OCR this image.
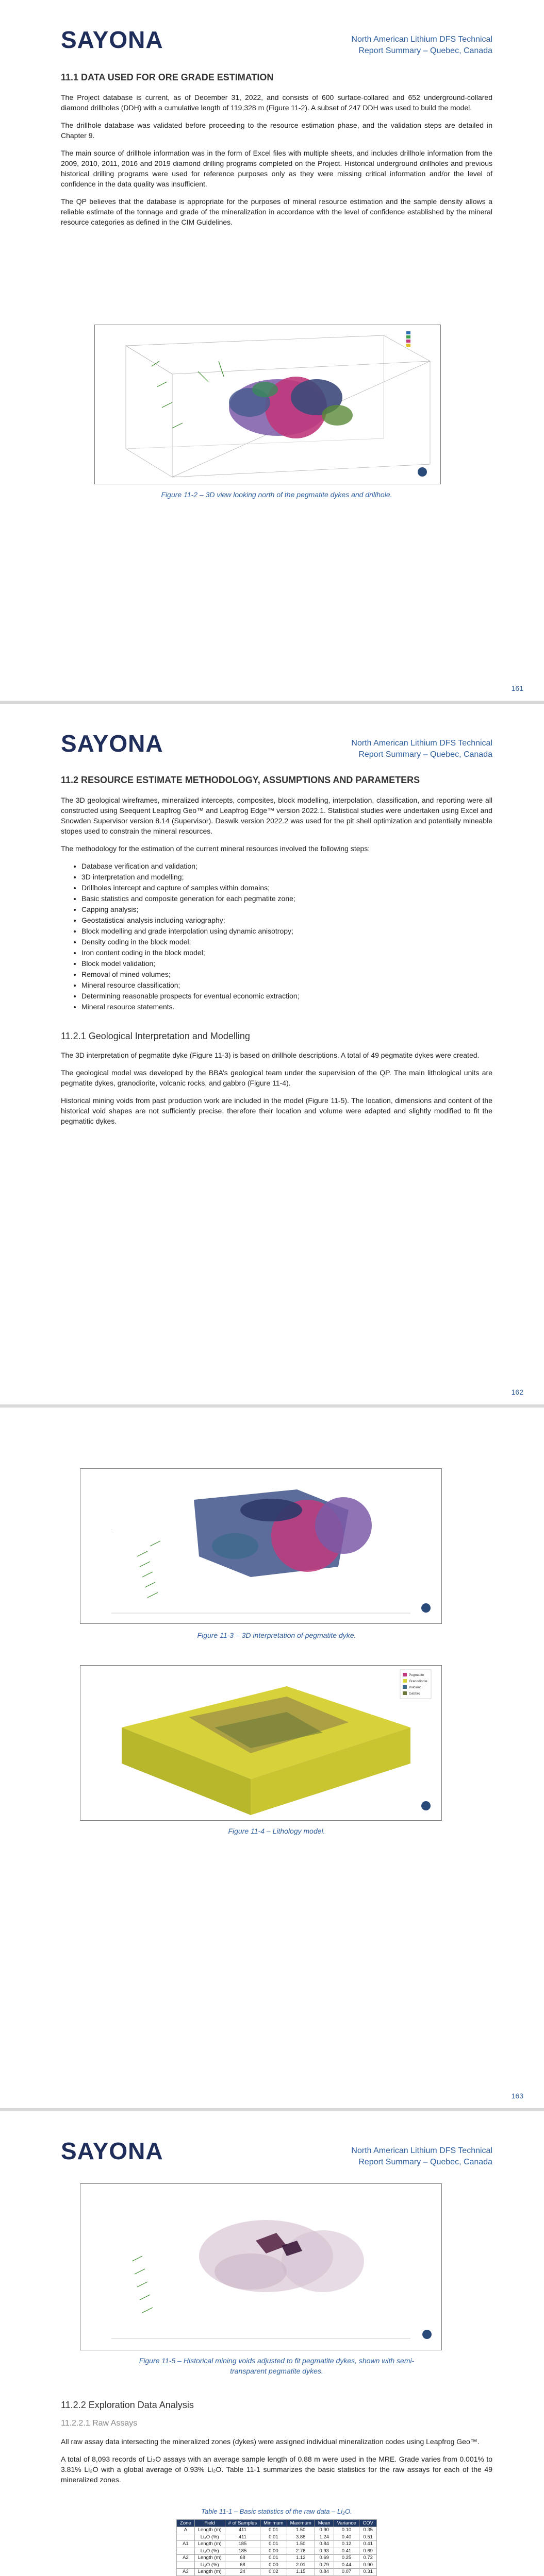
SAYONA	North American Lithium DFS Technical
Report Summary – Quebec, Canada
11.1 DATA USED FOR ORE GRADE ESTIMATION

The Project database is current, as of December 31, 2022, and consists of 600 surface-collared and 652 underground-collared diamond drillholes (DDH) with a cumulative length of 119,328 m (Figure 11-2). A subset of 247 DDH was used to build the model.

The drillhole database was validated before proceeding to the resource estimation phase, and the validation steps are detailed in Chapter 9.

The main source of drillhole information was in the form of Excel files with multiple sheets, and includes drillhole information from the 2009, 2010, 2011, 2016 and 2019 diamond drilling programs completed on the Project. Historical underground drillholes and previous historical drilling programs were used for reference purposes only as they were missing critical information and/or the level of confidence in the data quality was insufficient.

The QP believes that the database is appropriate for the purposes of mineral resource estimation and the sample density allows a reliable estimate of the tonnage and grade of the mineralization in accordance with the level of confidence established by the mineral resource categories as defined in the CIM Guidelines.

Figure 11-2 – 3D view looking north of the pegmatite dykes and drillhole.
161
SAYONA	North American Lithium DFS Technical
Report Summary – Quebec, Canada
11.2 RESOURCE ESTIMATE METHODOLOGY, ASSUMPTIONS AND PARAMETERS

The 3D geological wireframes, mineralized intercepts, composites, block modelling, interpolation, classification, and reporting were all constructed using Seequent Leapfrog Geo™ and Leapfrog Edge™ version 2022.1. Statistical studies were undertaken using Excel and Snowden Supervisor version 8.14 (Supervisor). Deswik version 2022.2 was used for the pit shell optimization and potentially mineable stopes used to constrain the mineral resources.

The methodology for the estimation of the current mineral resources involved the following steps:

• Database verification and validation;
• 3D interpretation and modelling;
• Drillholes intercept and capture of samples within domains;
• Basic statistics and composite generation for each pegmatite zone;
• Capping analysis;
• Geostatistical analysis including variography;
• Block modelling and grade interpolation using dynamic anisotropy;
• Density coding in the block model;
• Iron content coding in the block model;
• Block model validation;
• Removal of mined volumes;
• Mineral resource classification;
• Determining reasonable prospects for eventual economic extraction;
• Mineral resource statements.
11.2.1 Geological Interpretation and Modelling

The 3D interpretation of pegmatite dyke (Figure 11-3) is based on drillhole descriptions. A total of 49 pegmatite dykes were created.

The geological model was developed by the BBA’s geological team under the supervision of the QP. The main lithological units are pegmatite dykes, granodiorite, volcanic rocks, and gabbro (Figure 11-4).

Historical mining voids from past production work are included in the model (Figure 11-5). The location, dimensions and content of the historical void shapes are not sufficiently precise, therefore their location and volume were adapted and slightly modified to fit the pegmatitic dykes.

162
-
Figure 11-3 – 3D interpretation of pegmatite dyke.
Pegmatite
Granodiorite
Volcanic
Gabbro
Figure 11-4 – Lithology model.
163
SAYONA	North American Lithium DFS Technical
Report Summary – Quebec, Canada
Figure 11-5 – Historical mining voids adjusted to fit pegmatite dykes, shown with semi-transparent pegmatite dykes.
11.2.2 Exploration Data Analysis
11.2.2.1 Raw Assays

All raw assay data intersecting the mineralized zones (dykes) were assigned individual mineralization codes using Leapfrog Geo™.

A total of 8,093 records of Li₂O assays with an average sample length of 0.88 m were used in the MRE. Grade varies from 0.001% to 3.81% Li₂O with a global average of 0.93% Li₂O. Table 11-1 summarizes the basic statistics for the raw assays for each of the 49 mineralized zones.

Table 11-1 – Basic statistics of the raw data – Li₂O.
Zone	Field	# of Samples	Minimum	Maximum	Mean	Variance	COV
A	Length (m)	411	0.01	1.50	0.90	0.10	0.35
	Li₂O (%)	411	0.01	3.88	1.24	0.40	0.51
A1	Length (m)	185	0.01	1.50	0.84	0.12	0.41
	Li₂O (%)	185	0.00	2.76	0.93	0.41	0.69
A2	Length (m)	68	0.01	1.12	0.69	0.25	0.72
	Li₂O (%)	68	0.00	2.01	0.79	0.44	0.90
A3	Length (m)	24	0.02	1.15	0.84	0.07	0.31
